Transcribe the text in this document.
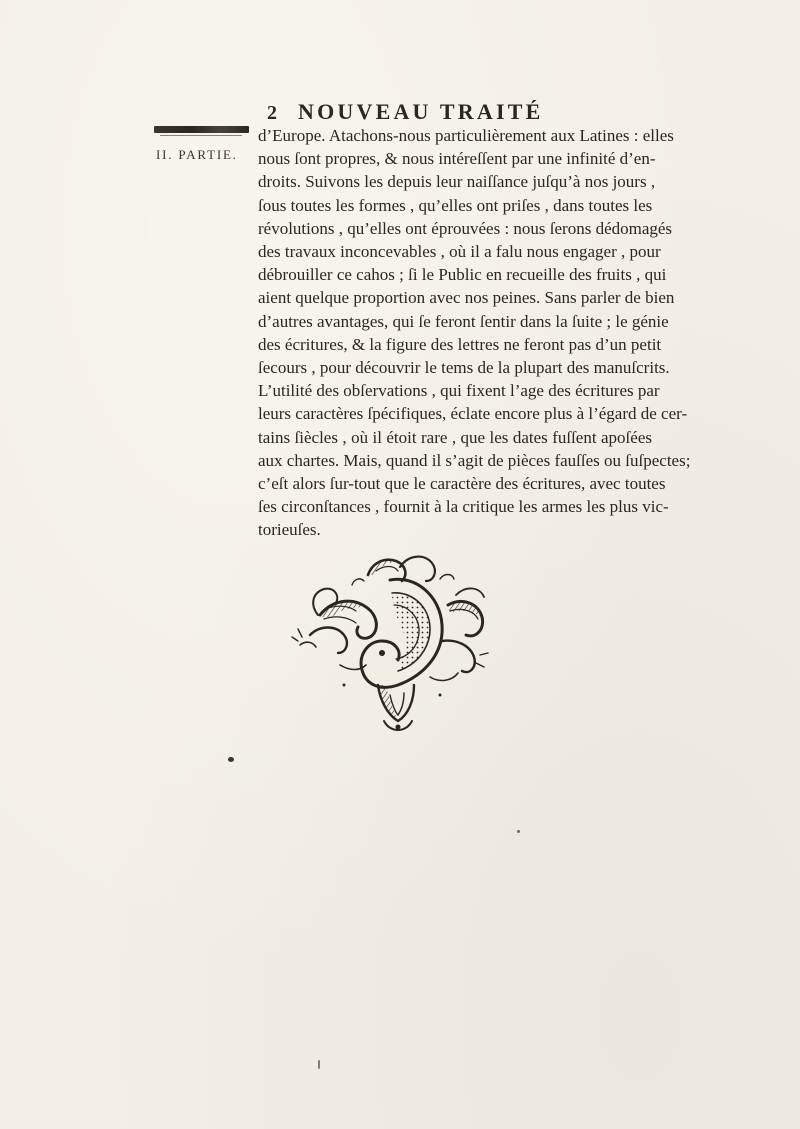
2 NOUVEAU TRAITÉ
II. PARTIE.
d’Europe. Atachons-nous particulièrement aux Latines : elles
nous ſont propres, & nous intéreſſent par une infinité d’en-
droits. Suivons les depuis leur naiſſance juſqu’à nos jours ,
ſous toutes les formes , qu’elles ont priſes , dans toutes les
révolutions , qu’elles ont éprouvées : nous ſerons dédomagés
des travaux inconcevables , où il a falu nous engager , pour
débrouiller ce cahos ; ſi le Public en recueille des fruits , qui
aient quelque proportion avec nos peines. Sans parler de bien
d’autres avantages, qui ſe feront ſentir dans la ſuite ; le génie
des écritures, & la figure des lettres ne feront pas d’un petit
ſecours , pour découvrir le tems de la plupart des manuſcrits.
L’utilité des obſervations , qui fixent l’age des écritures par
leurs caractères ſpécifiques, éclate encore plus à l’égard de cer-
tains ſiècles , où il étoit rare , que les dates fuſſent apoſées
aux chartes. Mais, quand il s’agit de pièces fauſſes ou ſuſpectes;
c’eſt alors ſur-tout que le caractère des écritures, avec toutes
ſes circonſtances , fournit à la critique les armes les plus vic-
torieuſes.
